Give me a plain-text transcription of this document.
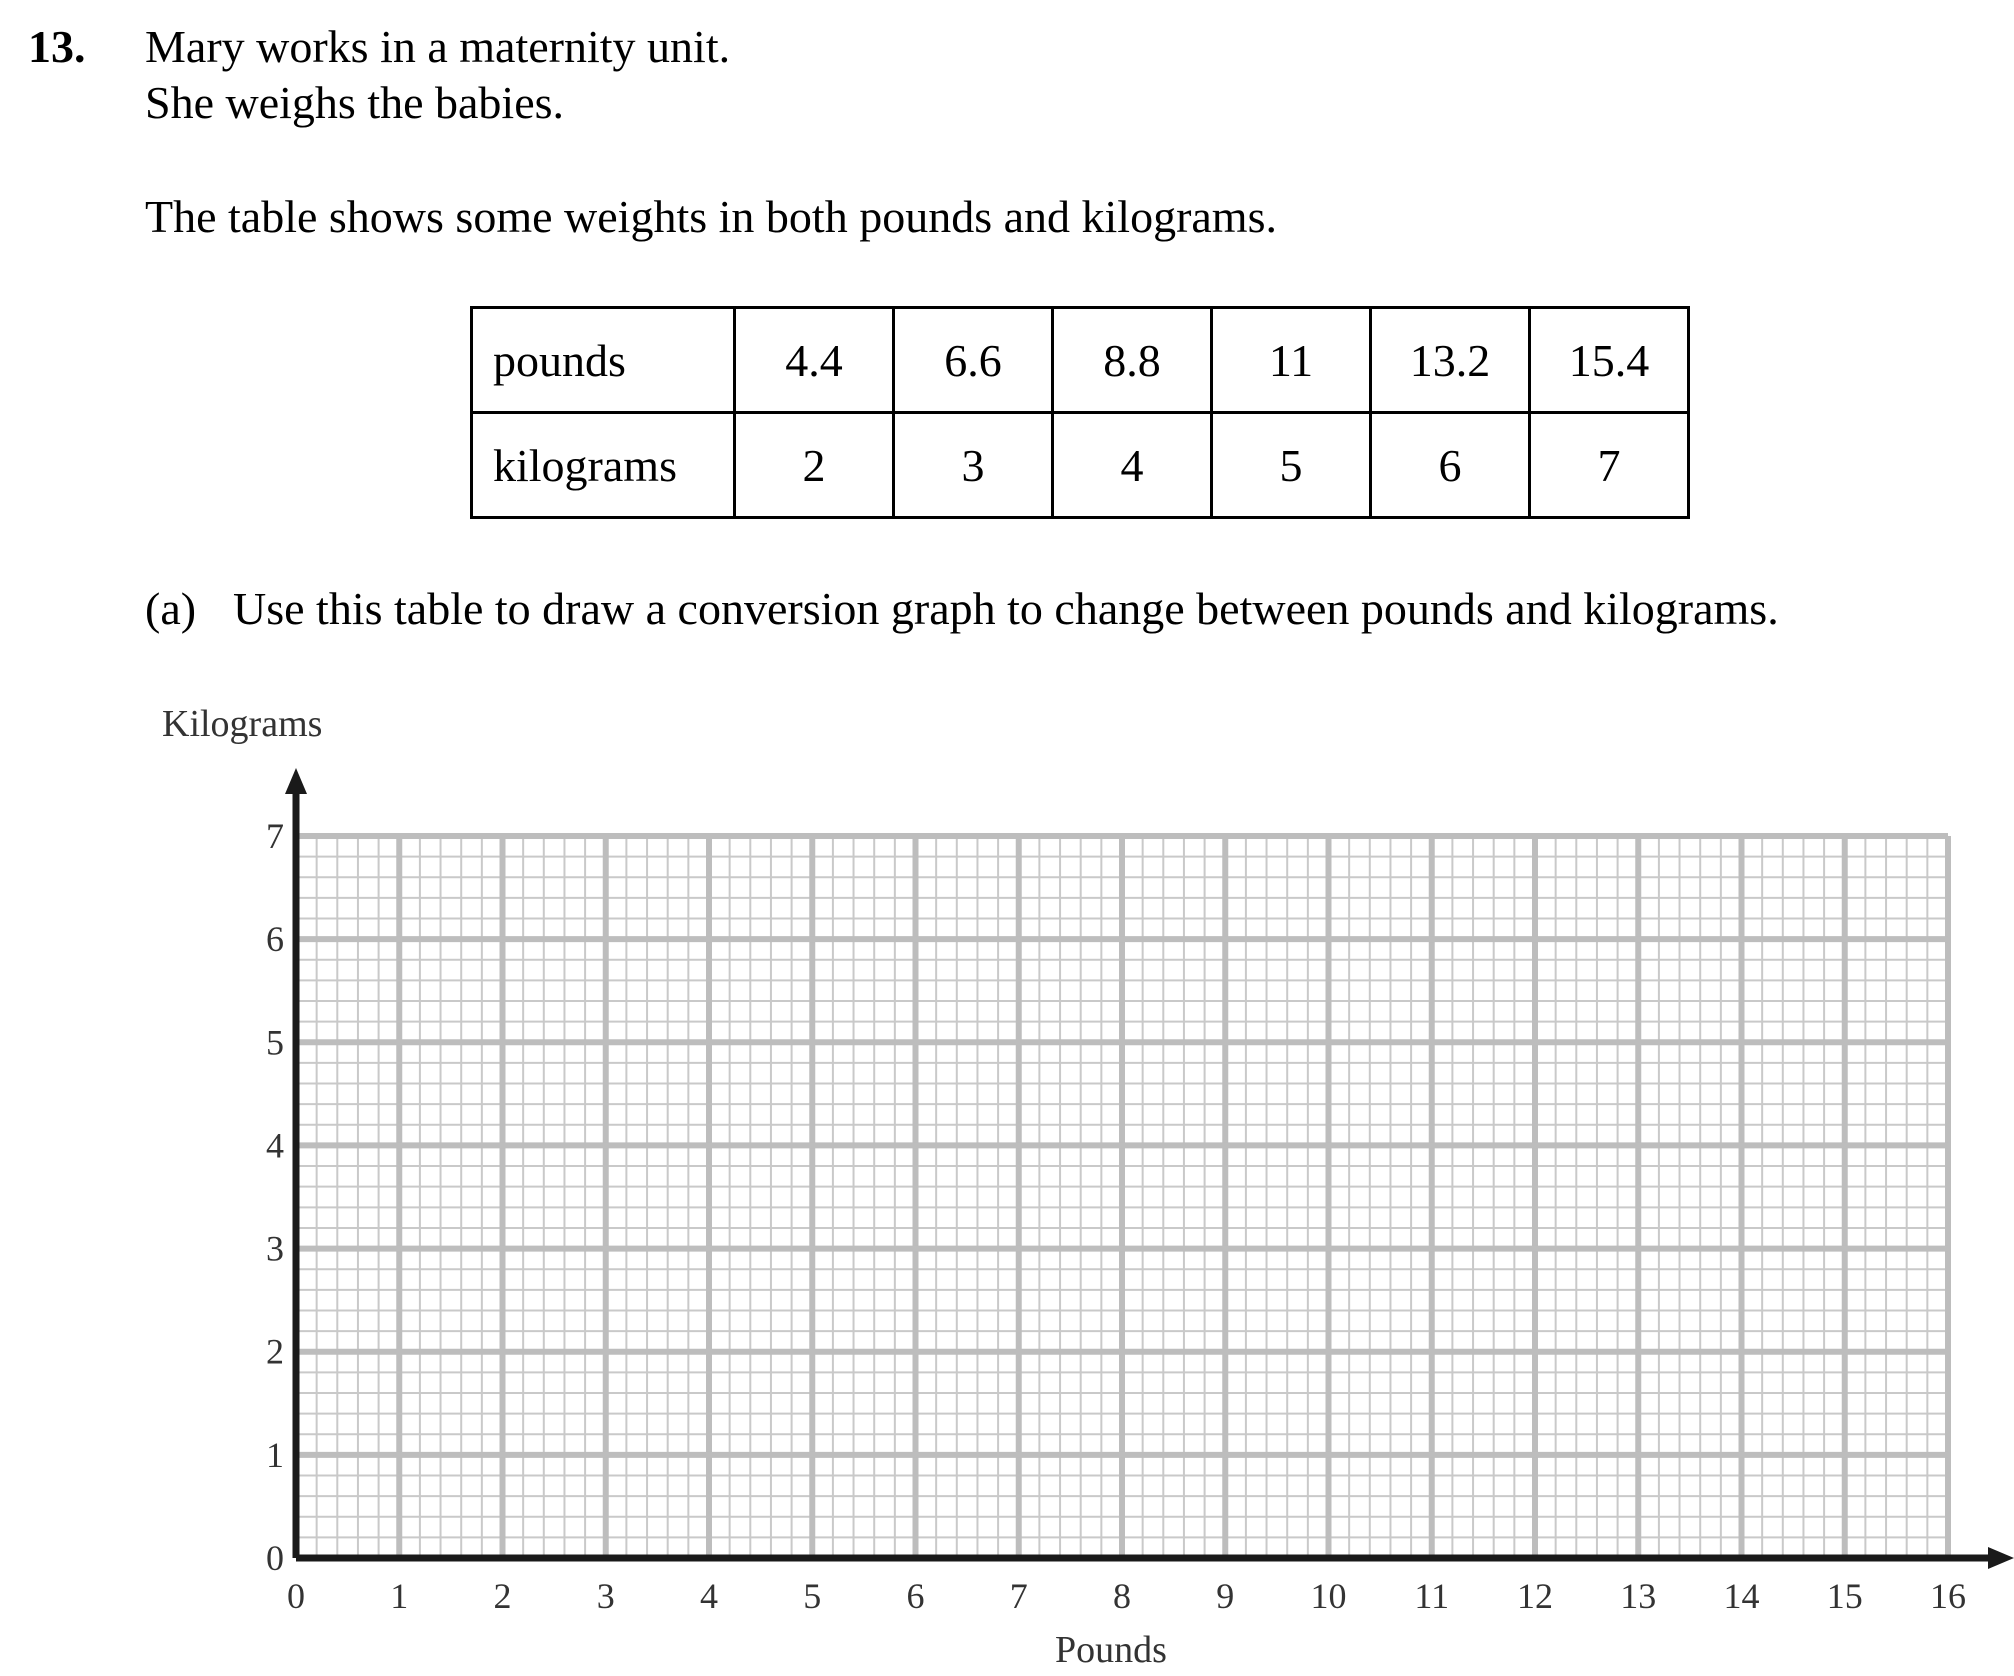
13. Mary works in a maternity unit.
She weighs the babies.
The table shows some weights in both pounds and kilograms.
pounds	4.4	6.6	8.8	11	13.2	15.4
kilograms	2	3	4	5	6	7
(a) Use this table to draw a conversion graph to change between pounds and kilograms.
Kilograms
Pounds
0 1 2 3 4 5 6 7 8 9 10 11 12 13 14 15 16
0
1
2
3
4
5
6
7
